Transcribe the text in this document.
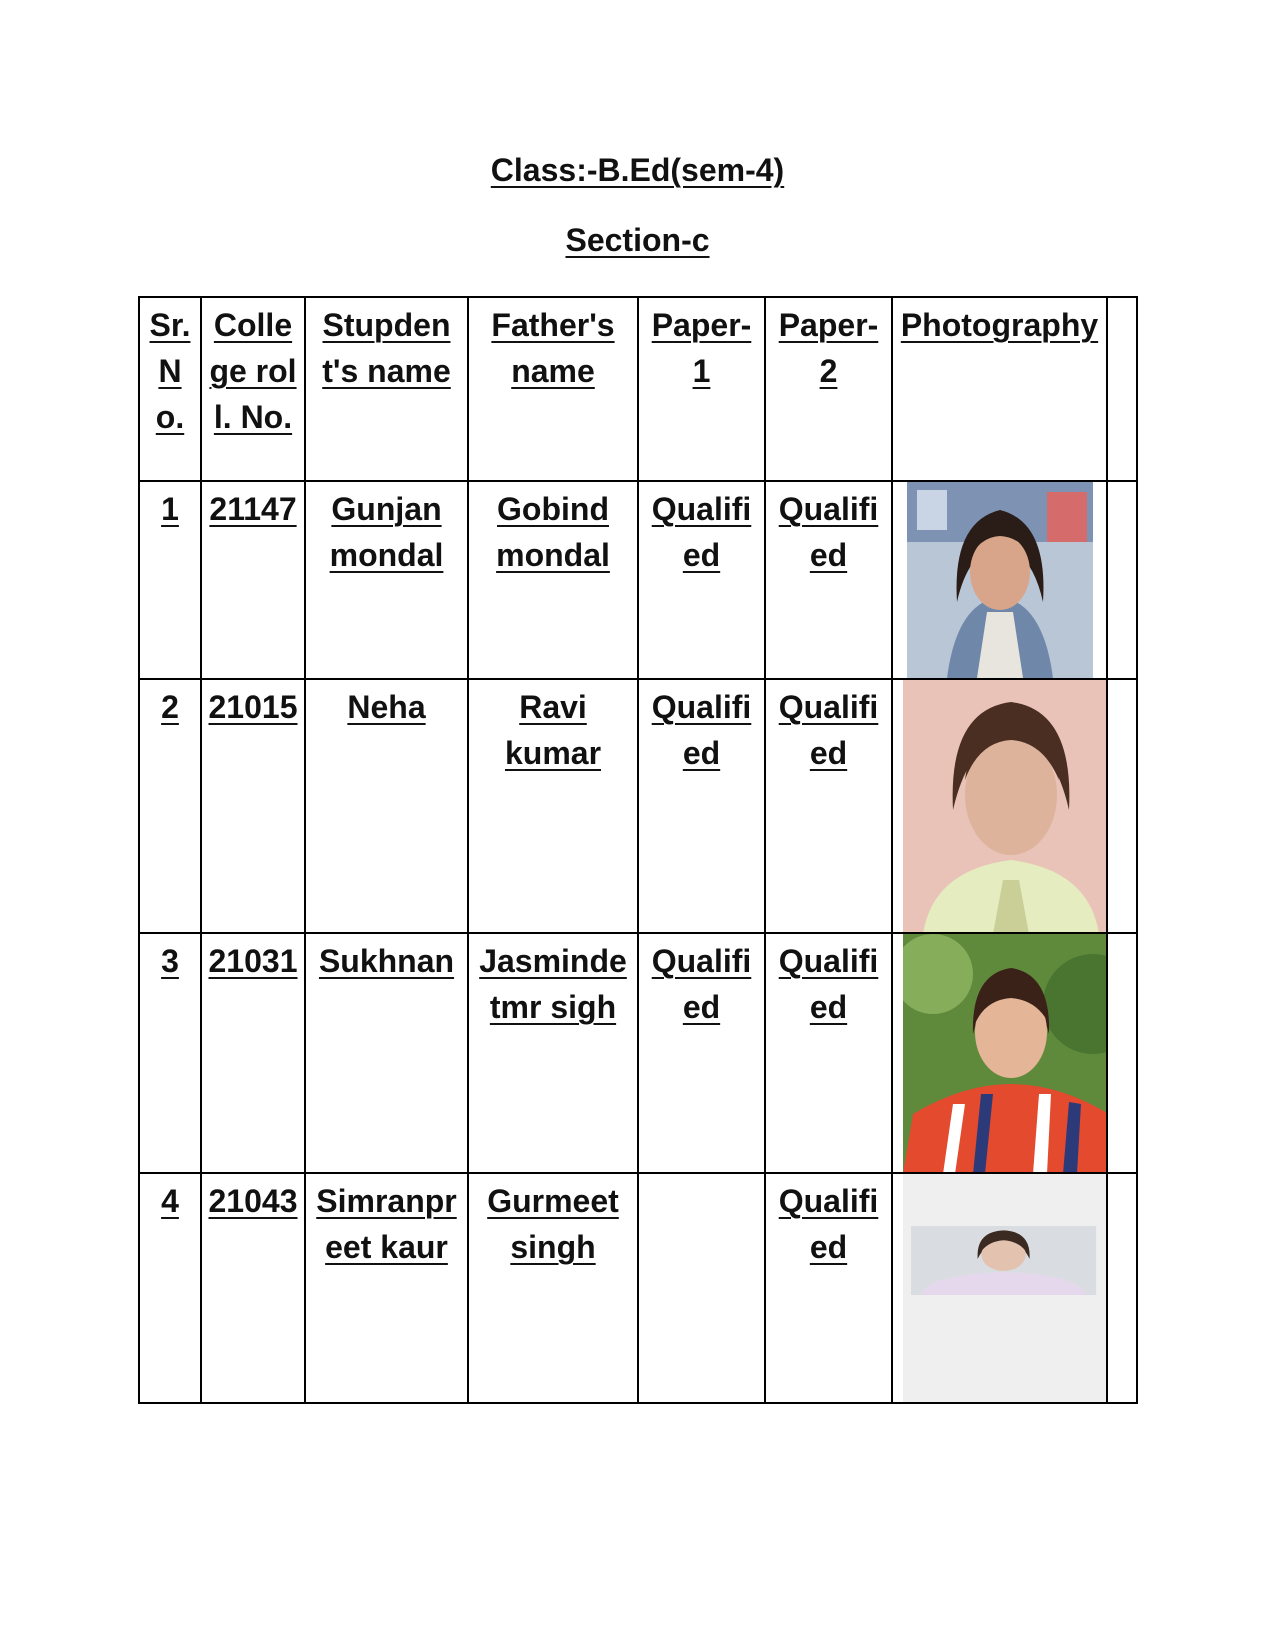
Class:-B.Ed(sem-4)
Section-c
Sr. No.	College roll. No.	Stupdent's name	Father's name	Paper-1	Paper-2	Photography	
1	21147	Gunjan mondal	Gobind mondal	Qualified	Qualified	

2	21015	Neha	Ravi kumar	Qualified	Qualified	

3	21031	Sukhnan	Jasmindetmr sigh	Qualified	Qualified	

4	21043	Simranpreet kaur	Gurmeet singh		Qualified	
